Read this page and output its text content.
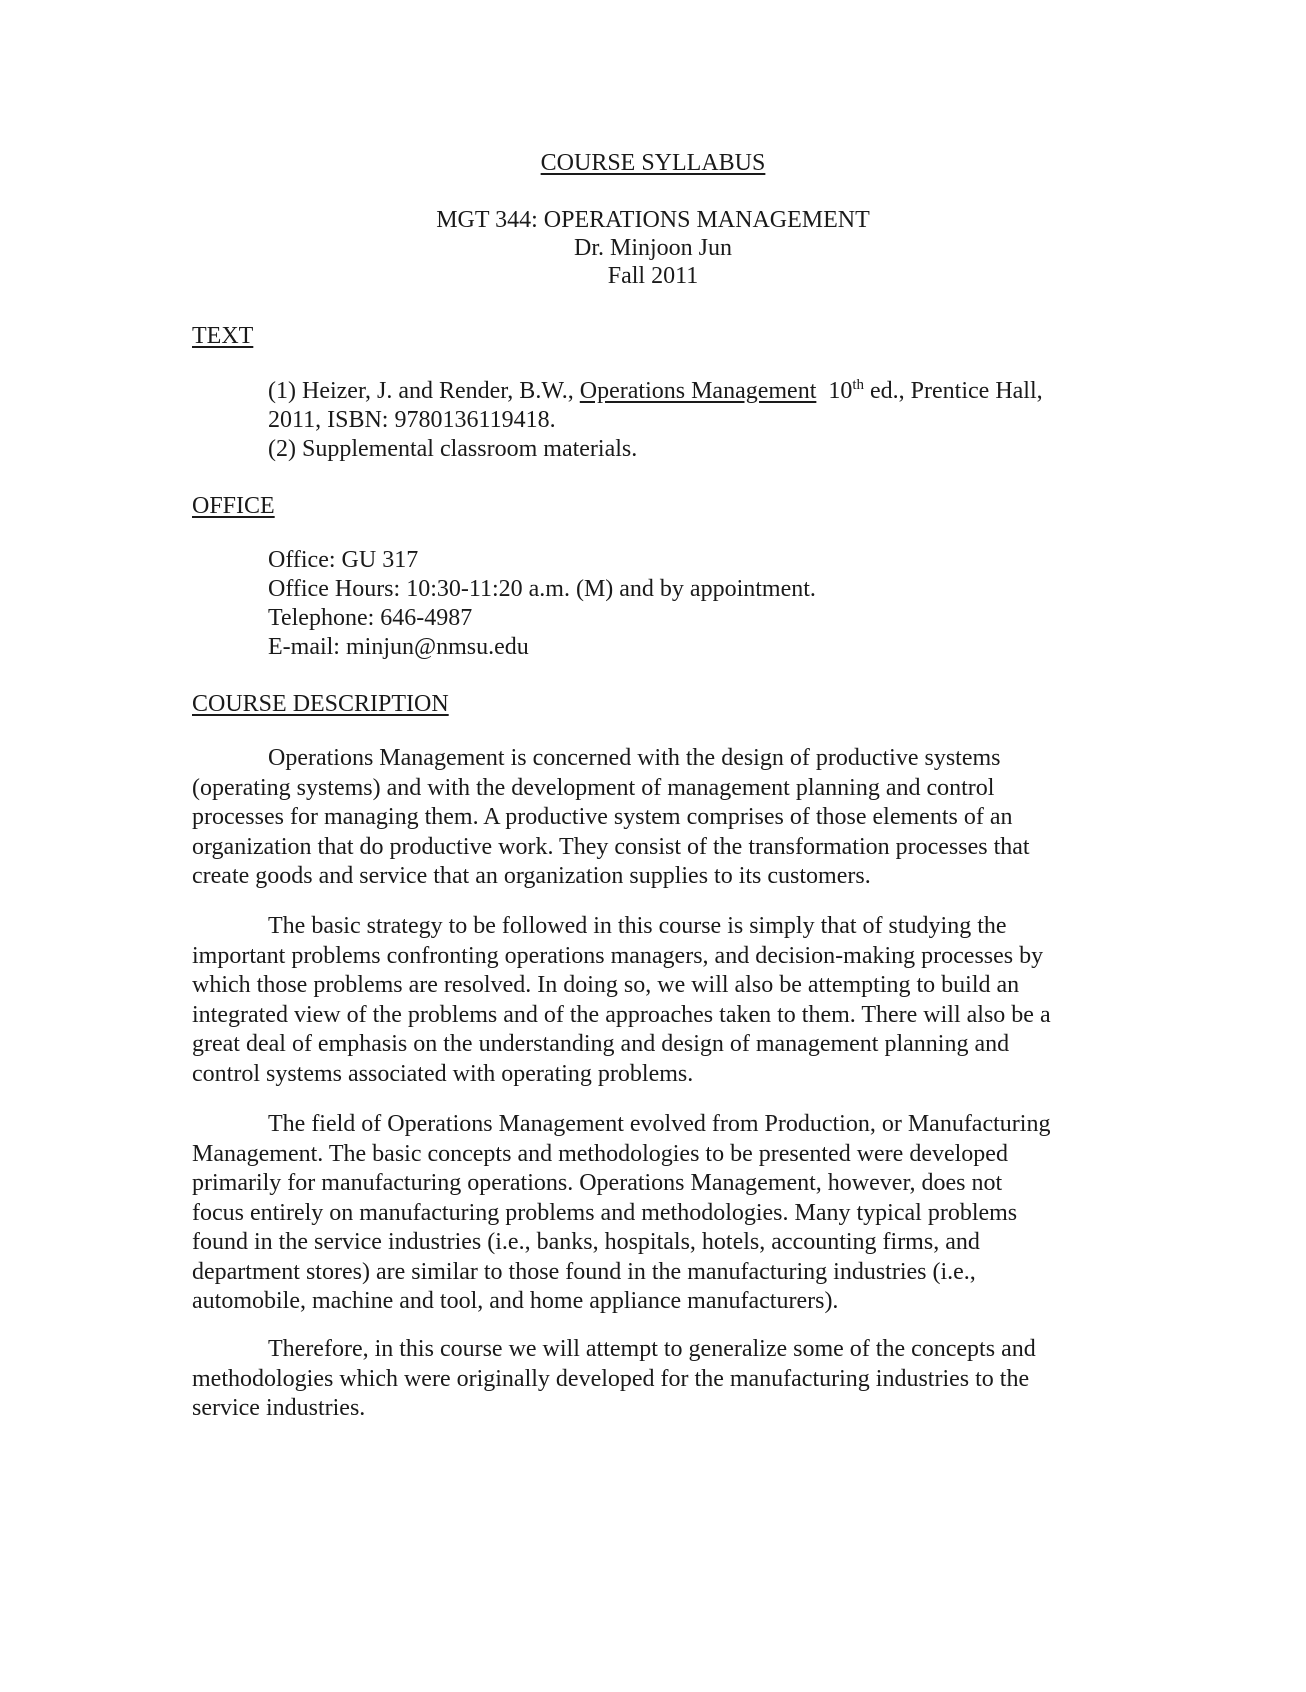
COURSE SYLLABUS
MGT 344: OPERATIONS MANAGEMENT
Dr. Minjoon Jun
Fall 2011
TEXT
(1) Heizer, J. and Render, B.W., Operations Management 10th ed., Prentice Hall,
2011, ISBN: 9780136119418.
(2) Supplemental classroom materials.
OFFICE
Office: GU 317
Office Hours: 10:30-11:20 a.m. (M) and by appointment.
Telephone: 646-4987
E-mail: minjun@nmsu.edu
COURSE DESCRIPTION
Operations Management is concerned with the design of productive systems
(operating systems) and with the development of management planning and control
processes for managing them. A productive system comprises of those elements of an
organization that do productive work. They consist of the transformation processes that
create goods and service that an organization supplies to its customers.
The basic strategy to be followed in this course is simply that of studying the
important problems confronting operations managers, and decision-making processes by
which those problems are resolved. In doing so, we will also be attempting to build an
integrated view of the problems and of the approaches taken to them. There will also be a
great deal of emphasis on the understanding and design of management planning and
control systems associated with operating problems.
The field of Operations Management evolved from Production, or Manufacturing
Management. The basic concepts and methodologies to be presented were developed
primarily for manufacturing operations. Operations Management, however, does not
focus entirely on manufacturing problems and methodologies. Many typical problems
found in the service industries (i.e., banks, hospitals, hotels, accounting firms, and
department stores) are similar to those found in the manufacturing industries (i.e.,
automobile, machine and tool, and home appliance manufacturers).
Therefore, in this course we will attempt to generalize some of the concepts and
methodologies which were originally developed for the manufacturing industries to the
service industries.
